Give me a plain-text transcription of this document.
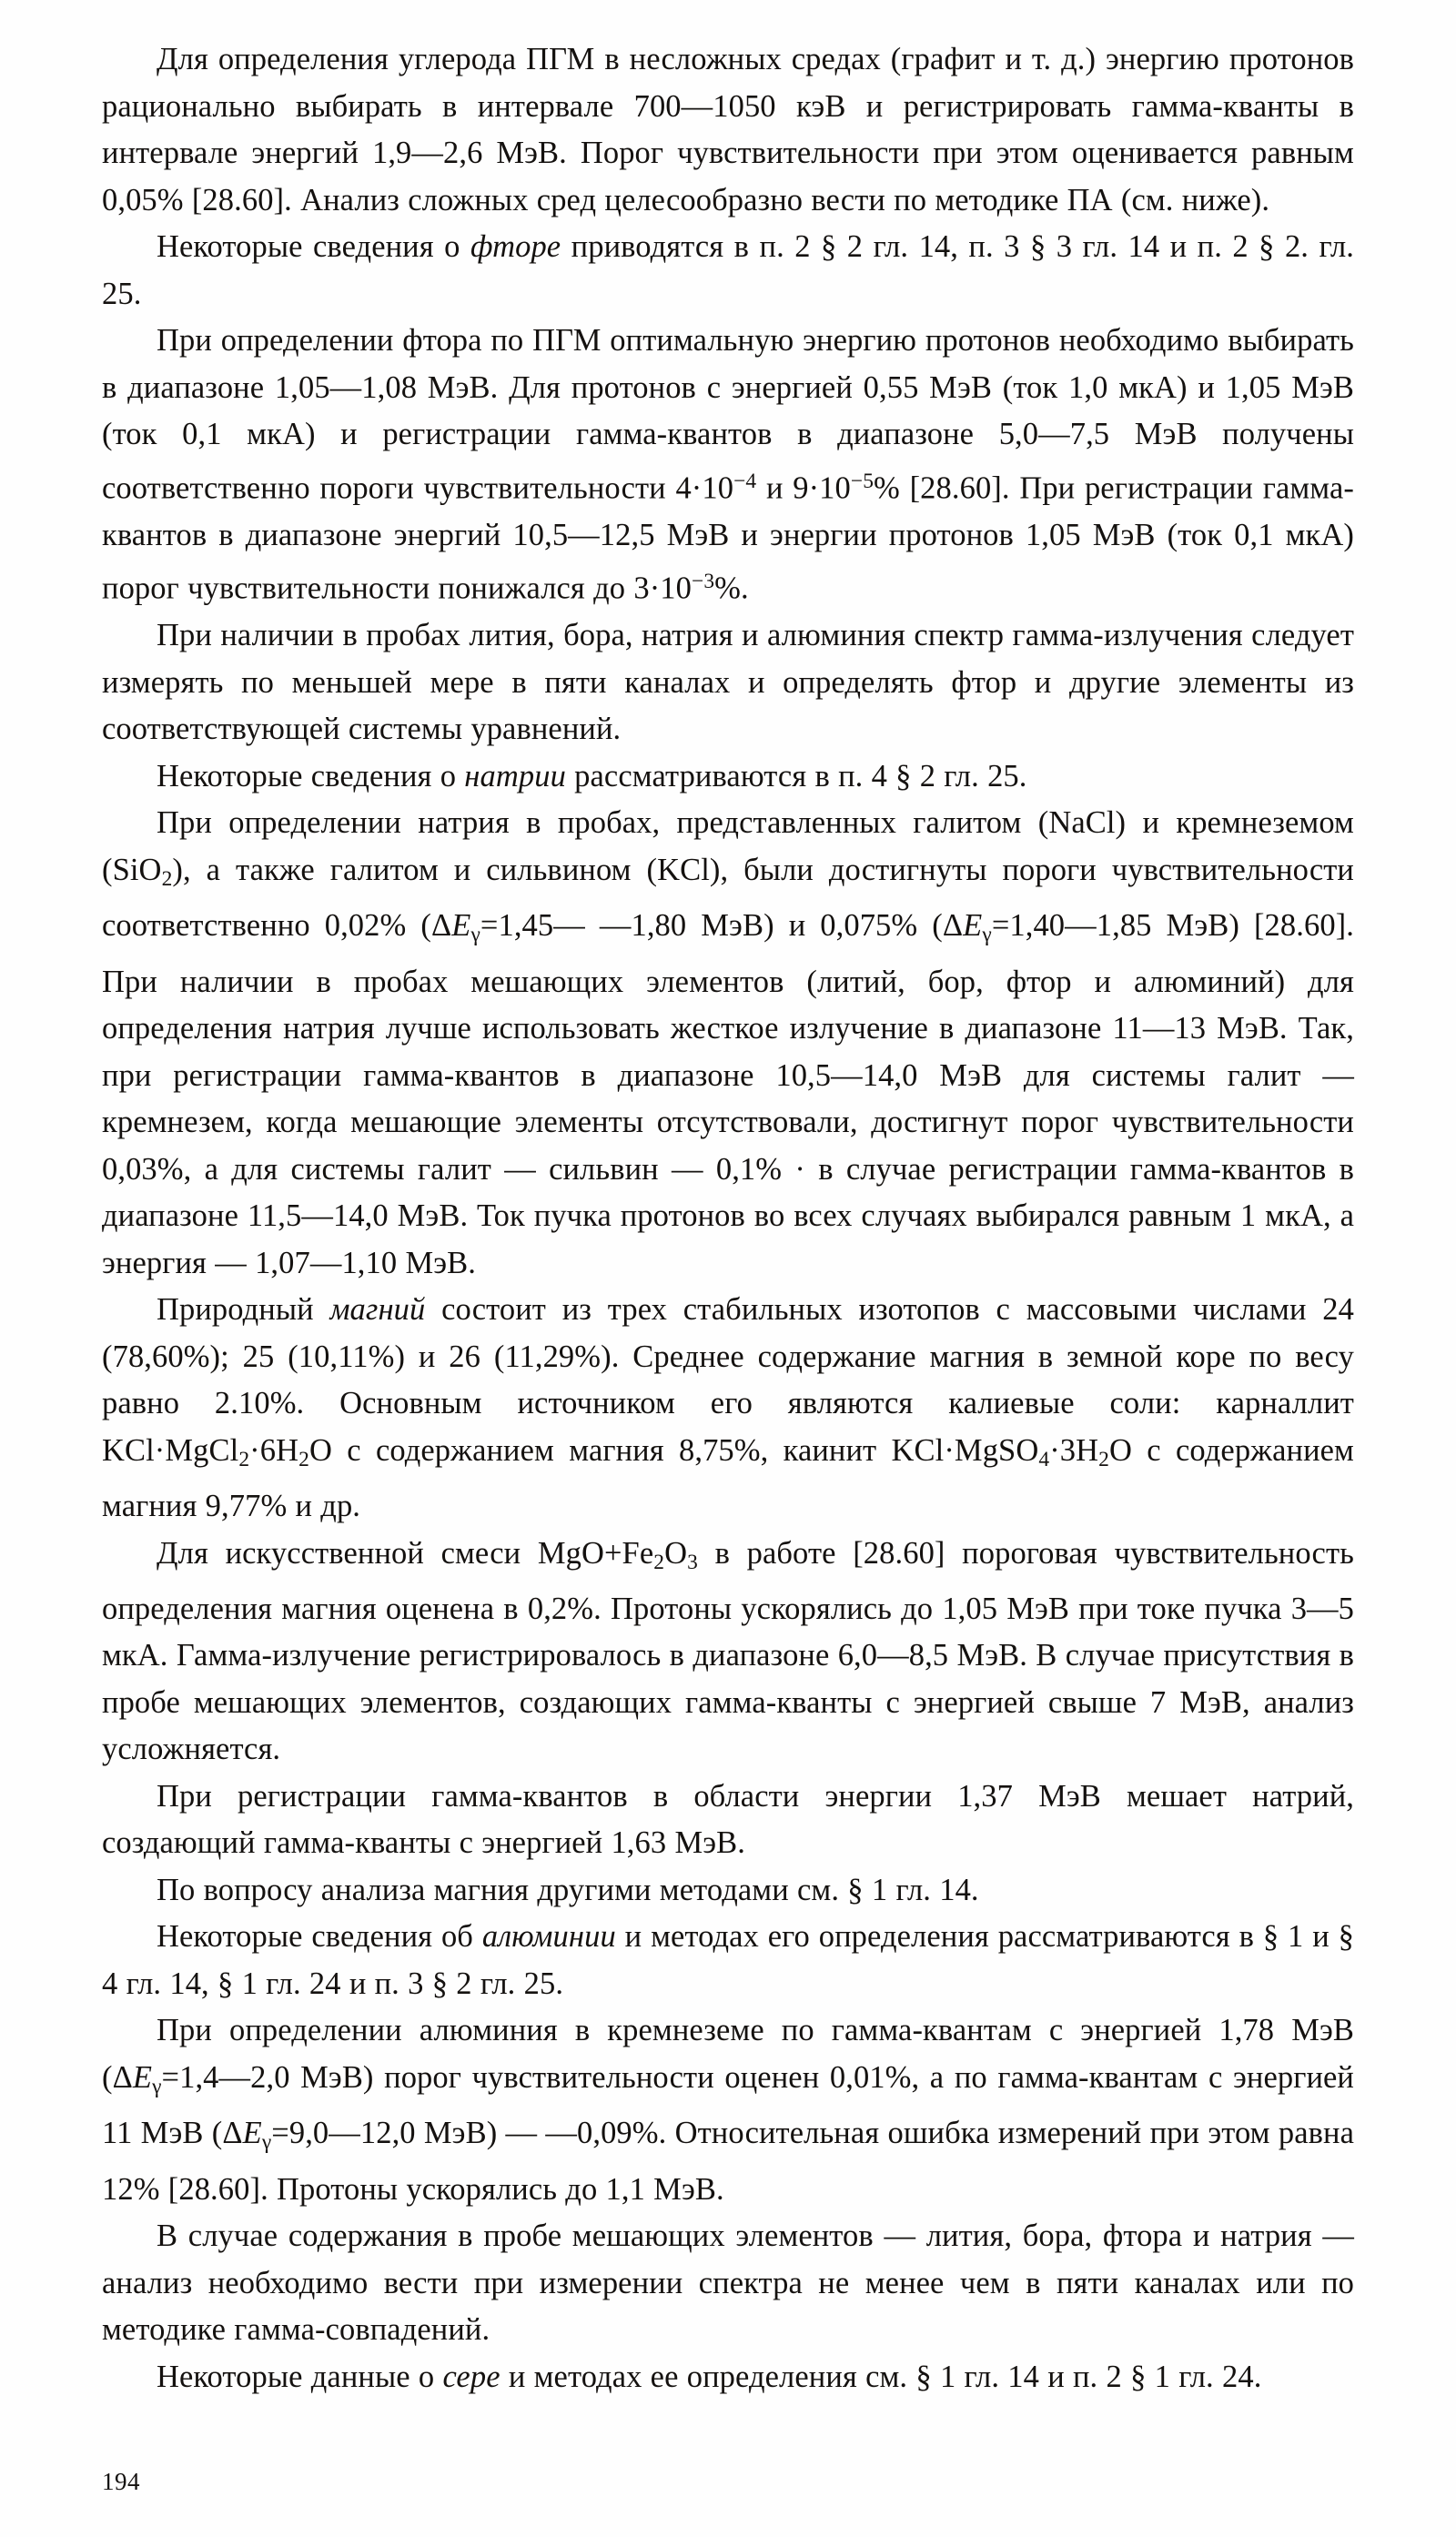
Для определения углерода ПГМ в несложных средах (графит и т. д.) энергию протонов рационально выбирать в интервале 700—1050 кэВ и регистрировать гамма-кванты в интервале энергий 1,9—2,6 МэВ. Порог чувствительности при этом оценивается равным 0,05% [28.60]. Анализ сложных сред целесообразно вести по методике ПА (см. ниже).

Некоторые сведения о фторе приводятся в п. 2 § 2 гл. 14, п. 3 § 3 гл. 14 и п. 2 § 2. гл. 25.

При определении фтора по ПГМ оптимальную энергию протонов необходимо выбирать в диапазоне 1,05—1,08 МэВ. Для протонов с энергией 0,55 МэВ (ток 1,0 мкА) и 1,05 МэВ (ток 0,1 мкА) и регистрации гамма-квантов в диапазоне 5,0—7,5 МэВ получены соответственно пороги чувствительности $4\cdot 10^{-4}$ и $9\cdot 10^{-5}\%$ [28.60]. При регистрации гамма-квантов в диапазоне энергий 10,5—12,5 МэВ и энергии протонов 1,05 МэВ (ток 0,1 мкА) порог чувствительности понижался до $3\cdot 10^{-3}\%$.

При наличии в пробах лития, бора, натрия и алюминия спектр гамма-излучения следует измерять по меньшей мере в пяти каналах и определять фтор и другие элементы из соответствующей системы уравнений.

Некоторые сведения о натрии рассматриваются в п. 4 § 2 гл. 25.

При определении натрия в пробах, представленных галитом (NaCl) и кремнеземом (SiO$_2$), а также галитом и сильвином (KCl), были достигнуты пороги чувствительности соответственно 0,02% ($\Delta E_\gamma=1,45—$ —1,80 МэВ) и 0,075% ($\Delta E_\gamma=1,40—1,85$ МэВ) [28.60]. При наличии в пробах мешающих элементов (литий, бор, фтор и алюминий) для определения натрия лучше использовать жесткое излучение в диапазоне 11—13 МэВ. Так, при регистрации гамма-квантов в диапазоне 10,5—14,0 МэВ для системы галит — кремнезем, когда мешающие элементы отсутствовали, достигнут порог чувствительности 0,03%, а для системы галит — сильвин — 0,1% · в случае регистрации гамма-квантов в диапазоне 11,5—14,0 МэВ. Ток пучка протонов во всех случаях выбирался равным 1 мкА, а энергия — 1,07—1,10 МэВ.

Природный магний состоит из трех стабильных изотопов с массовыми числами 24 (78,60%); 25 (10,11%) и 26 (11,29%). Среднее содержание магния в земной коре по весу равно 2.10%. Основным источником его являются калиевые соли: карналлит $KCl\cdot MgCl_2\cdot 6H_2O$ с содержанием магния 8,75%, каинит $KCl\cdot MgSO_4\cdot 3H_2O$ с содержанием магния 9,77% и др.

Для искусственной смеси $MgO+Fe_2O_3$ в работе [28.60] пороговая чувствительность определения магния оценена в 0,2%. Протоны ускорялись до 1,05 МэВ при токе пучка 3—5 мкА. Гамма-излучение регистрировалось в диапазоне 6,0—8,5 МэВ. В случае присутствия в пробе мешающих элементов, создающих гамма-кванты с энергией свыше 7 МэВ, анализ усложняется.

При регистрации гамма-квантов в области энергии 1,37 МэВ мешает натрий, создающий гамма-кванты с энергией 1,63 МэВ.

По вопросу анализа магния другими методами см. § 1 гл. 14.

Некоторые сведения об алюминии и методах его определения рассматриваются в § 1 и § 4 гл. 14, § 1 гл. 24 и п. 3 § 2 гл. 25.

При определении алюминия в кремнеземе по гамма-квантам с энергией 1,78 МэВ ($\Delta E_\gamma=1,4—2,0$ МэВ) порог чувствительности оценен 0,01%, а по гамма-квантам с энергией 11 МэВ ($\Delta E_\gamma=9,0—12,0$ МэВ) — —0,09%. Относительная ошибка измерений при этом равна 12% [28.60]. Протоны ускорялись до 1,1 МэВ.

В случае содержания в пробе мешающих элементов — лития, бора, фтора и натрия — анализ необходимо вести при измерении спектра не менее чем в пяти каналах или по методике гамма-совпадений.

Некоторые данные о сере и методах ее определения см. § 1 гл. 14 и п. 2 § 1 гл. 24.

194
